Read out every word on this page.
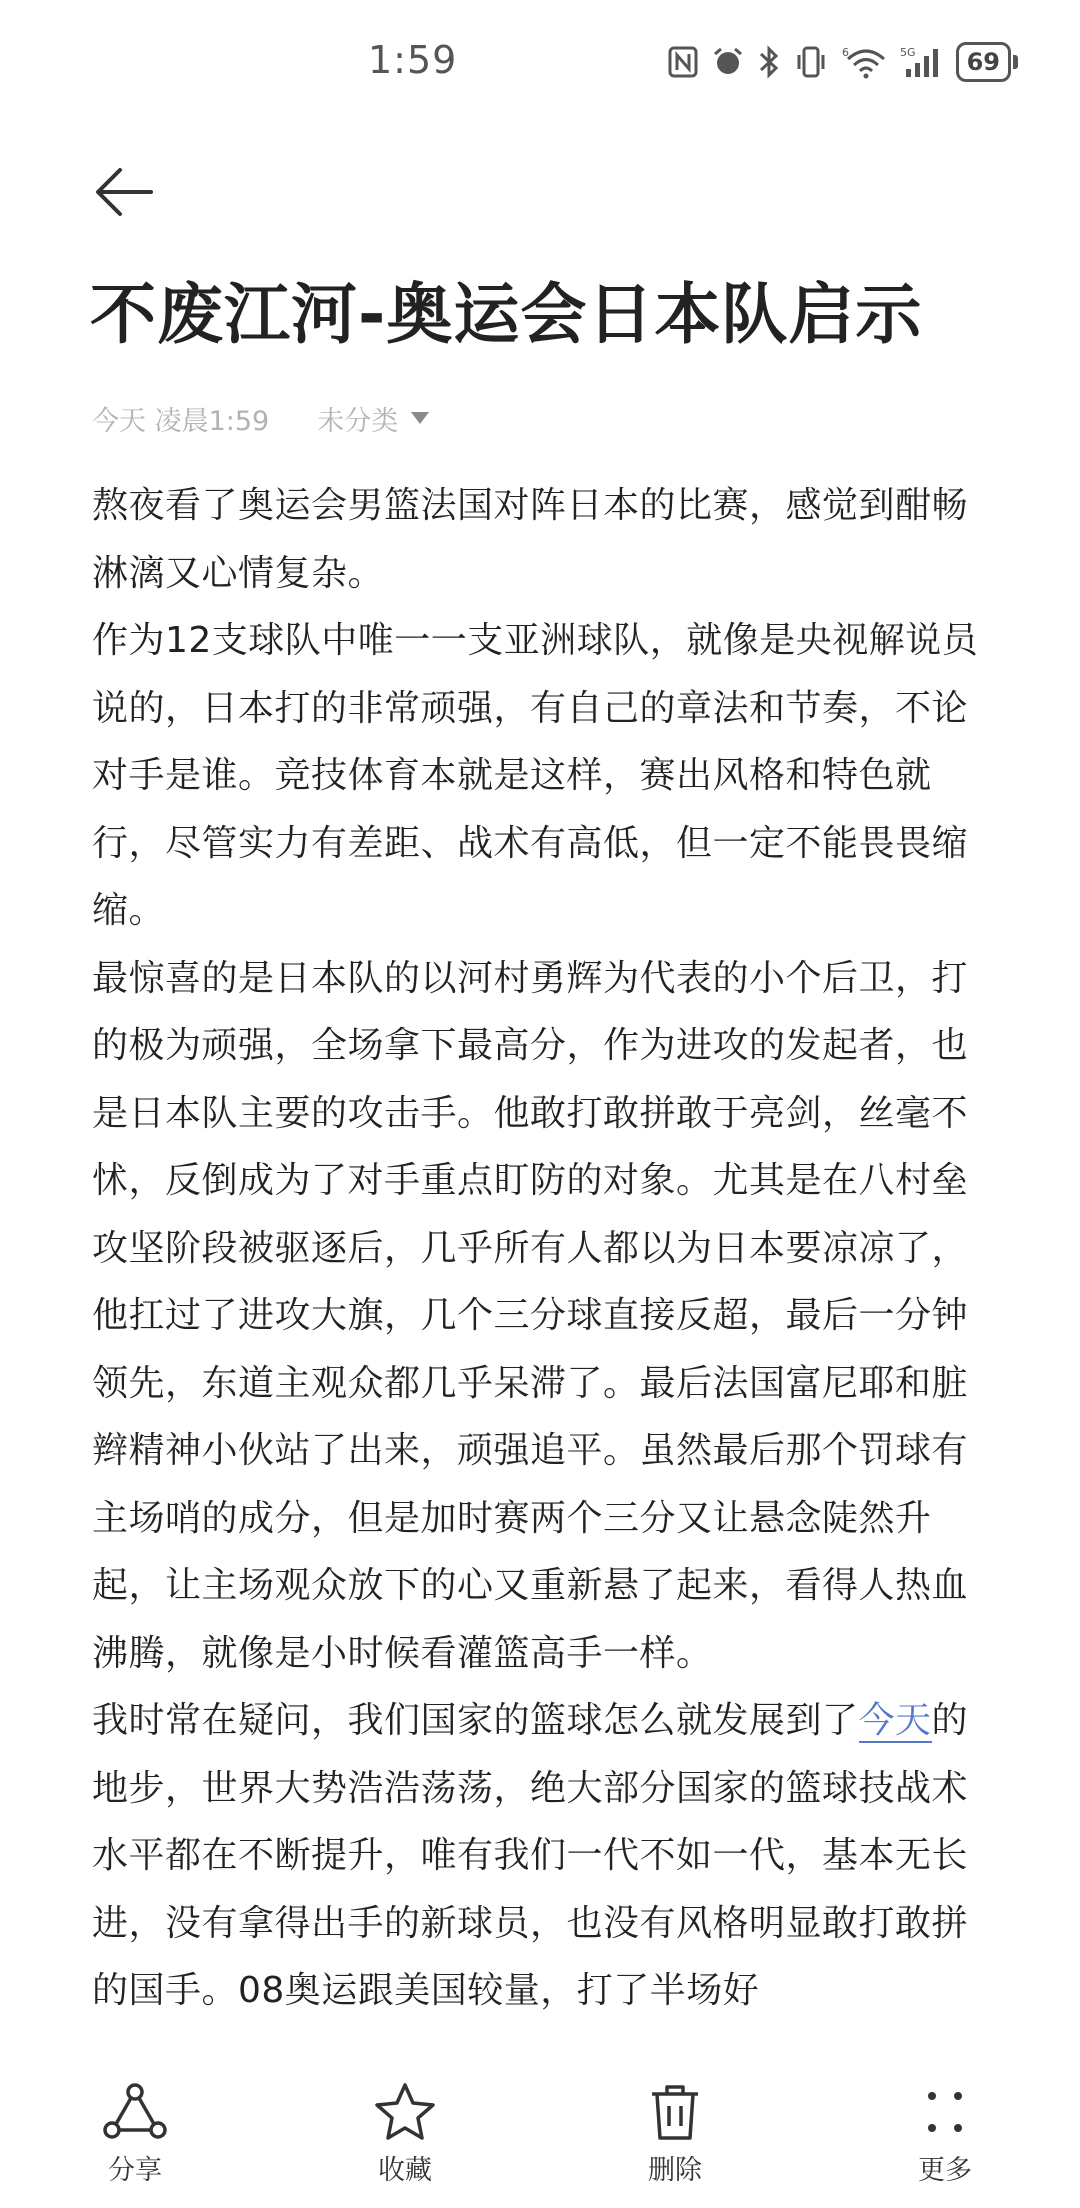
1:59	6	5G	69
不废江河-奥运会日本队启示
今天 凌晨1:59 未分类

熬夜看了奥运会男篮法国对阵日本的比赛，感觉到酣畅淋漓又心情复杂。

作为12支球队中唯一一支亚洲球队，就像是央视解说员说的，日本打的非常顽强，有自己的章法和节奏，不论对手是谁。竞技体育本就是这样，赛出风格和特色就行，尽管实力有差距、战术有高低，但一定不能畏畏缩缩。

最惊喜的是日本队的以河村勇辉为代表的小个后卫，打的极为顽强，全场拿下最高分，作为进攻的发起者，也是日本队主要的攻击手。他敢打敢拼敢于亮剑，丝毫不怵，反倒成为了对手重点盯防的对象。尤其是在八村垒攻坚阶段被驱逐后，几乎所有人都以为日本要凉凉了，他扛过了进攻大旗，几个三分球直接反超，最后一分钟领先，东道主观众都几乎呆滞了。最后法国富尼耶和脏辫精神小伙站了出来，顽强追平。虽然最后那个罚球有主场哨的成分，但是加时赛两个三分又让悬念陡然升起，让主场观众放下的心又重新悬了起来，看得人热血沸腾，就像是小时候看灌篮高手一样。

我时常在疑问，我们国家的篮球怎么就发展到了今天的地步，世界大势浩浩荡荡，绝大部分国家的篮球技战术水平都在不断提升，唯有我们一代不如一代，基本无长进，没有拿得出手的新球员，也没有风格明显敢打敢拼的国手。08奥运跟美国较量，打了半场好

分享	收藏	删除	更多
